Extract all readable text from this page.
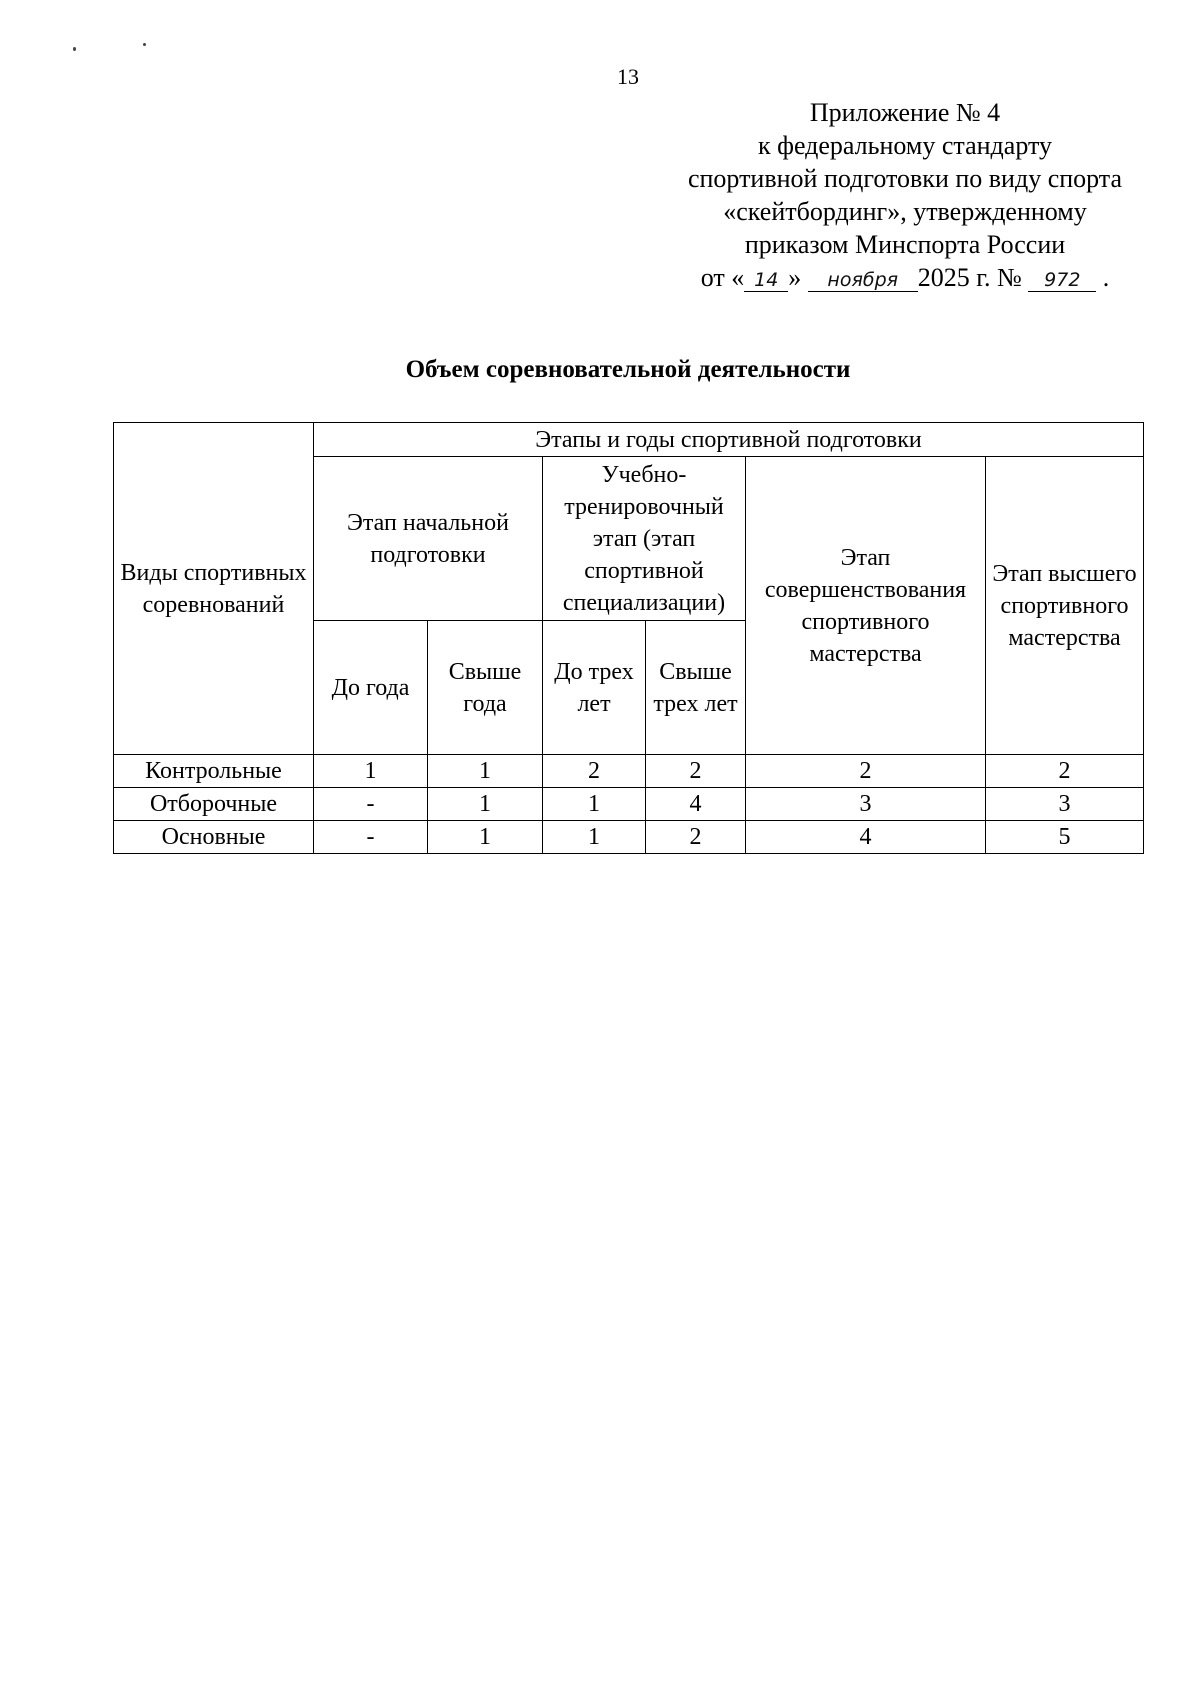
13
Приложение № 4
к федеральному стандарту
спортивной подготовки по виду спорта
«скейтбординг», утвержденному
приказом Минспорта России
от « 14 » ноября 2025 г. № 972 .
Объем соревновательной деятельности
Виды спортивных соревнований	Этапы и годы спортивной подготовки					
	Этап начальной подготовки		Учебно-тренировочный этап (этап спортивной специализации)		Этап совершенствования спортивного мастерства	Этап высшего спортивного мастерства
	До года	Свыше года	До трех лет	Свыше трех лет		
Контрольные	1	1	2	2	2	2
Отборочные	-	1	1	4	3	3
Основные	-	1	1	2	4	5
